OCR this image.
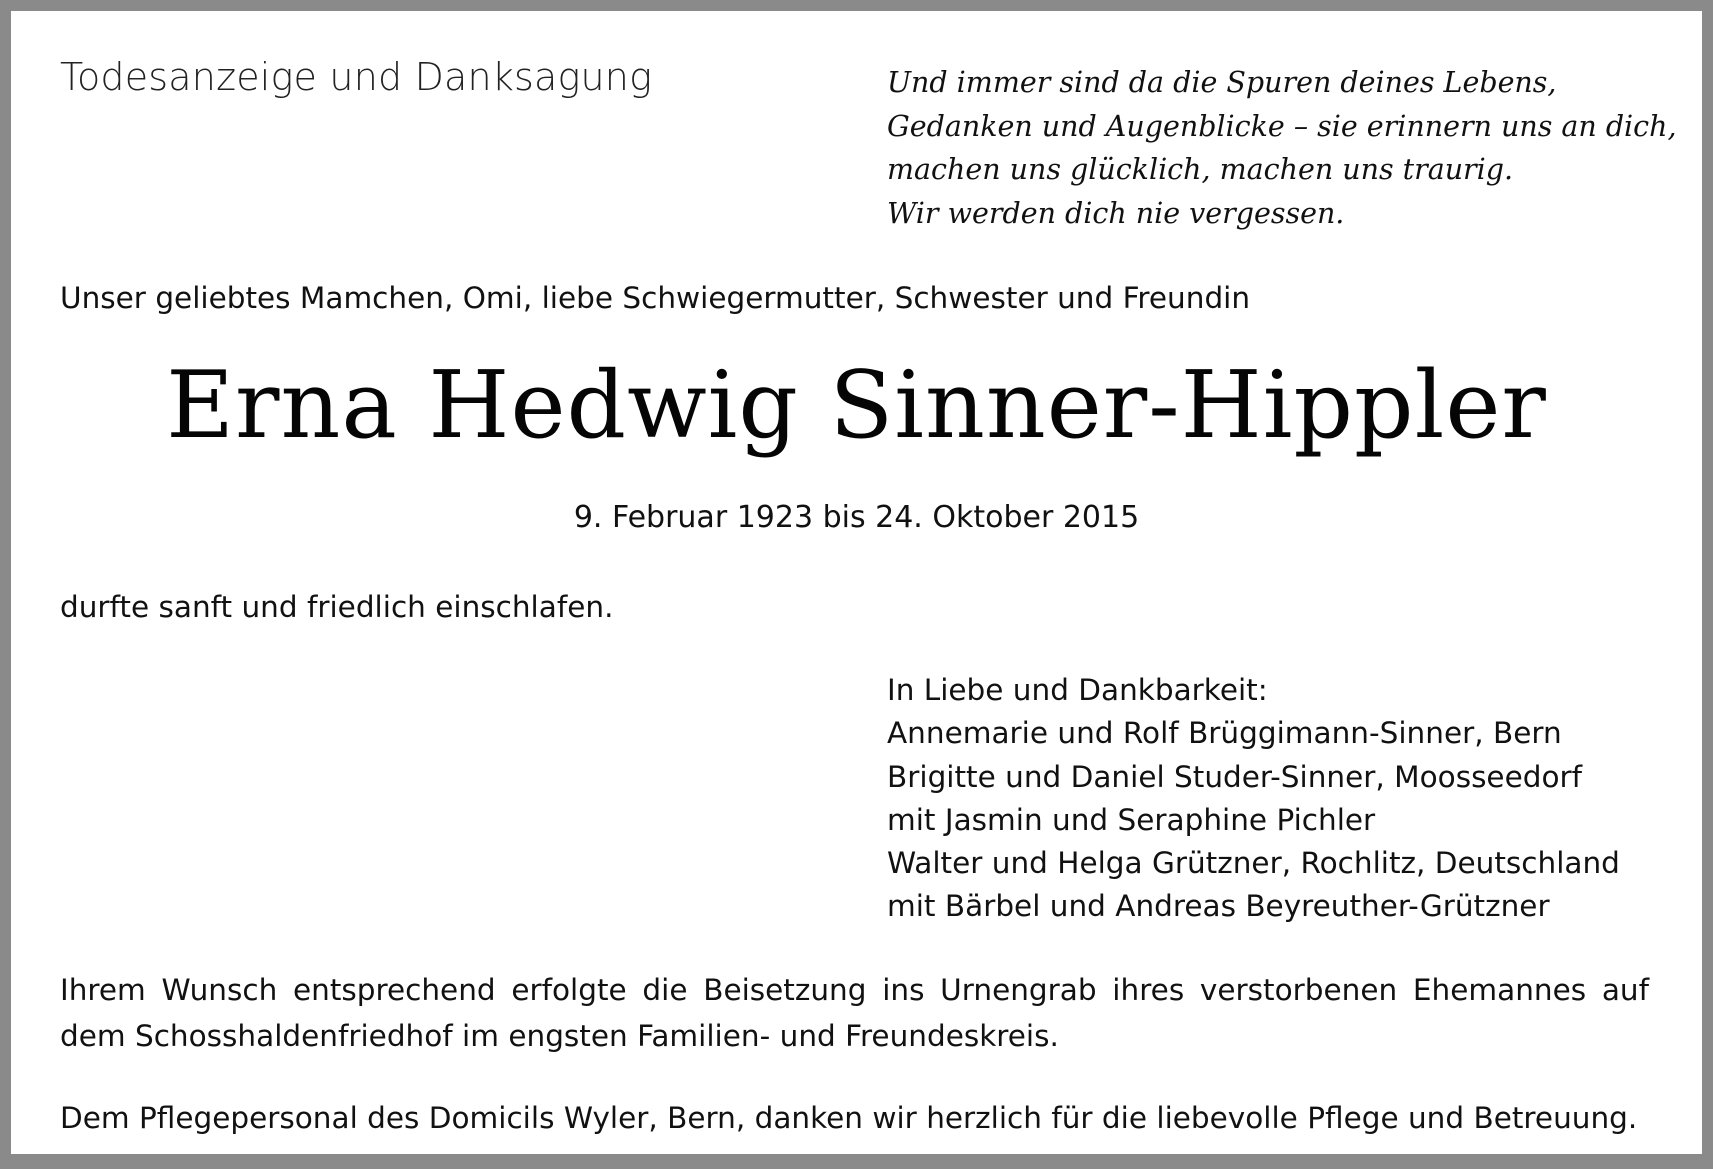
Todesanzeige und Danksagung	Und immer sind da die Spuren deines Lebens,
Gedanken und Augenblicke – sie erinnern uns an dich,
machen uns glücklich, machen uns traurig.
Wir werden dich nie vergessen.
Unser geliebtes Mamchen, Omi, liebe Schwiegermutter, Schwester und Freundin
Erna Hedwig Sinner-Hippler
9. Februar 1923 bis 24. Oktober 2015
durfte sanft und friedlich einschlafen.
In Liebe und Dankbarkeit:
Annemarie und Rolf Brüggimann-Sinner, Bern
Brigitte und Daniel Studer-Sinner, Moosseedorf
mit Jasmin und Seraphine Pichler
Walter und Helga Grützner, Rochlitz, Deutschland
mit Bärbel und Andreas Beyreuther-Grützner
Ihrem Wunsch entsprechend erfolgte die Beisetzung ins Urnengrab ihres verstorbenen Ehemannes auf dem Schosshaldenfriedhof im engsten Familien- und Freundeskreis.
Dem Pflegepersonal des Domicils Wyler, Bern, danken wir herzlich für die liebevolle Pflege und Betreuung.
